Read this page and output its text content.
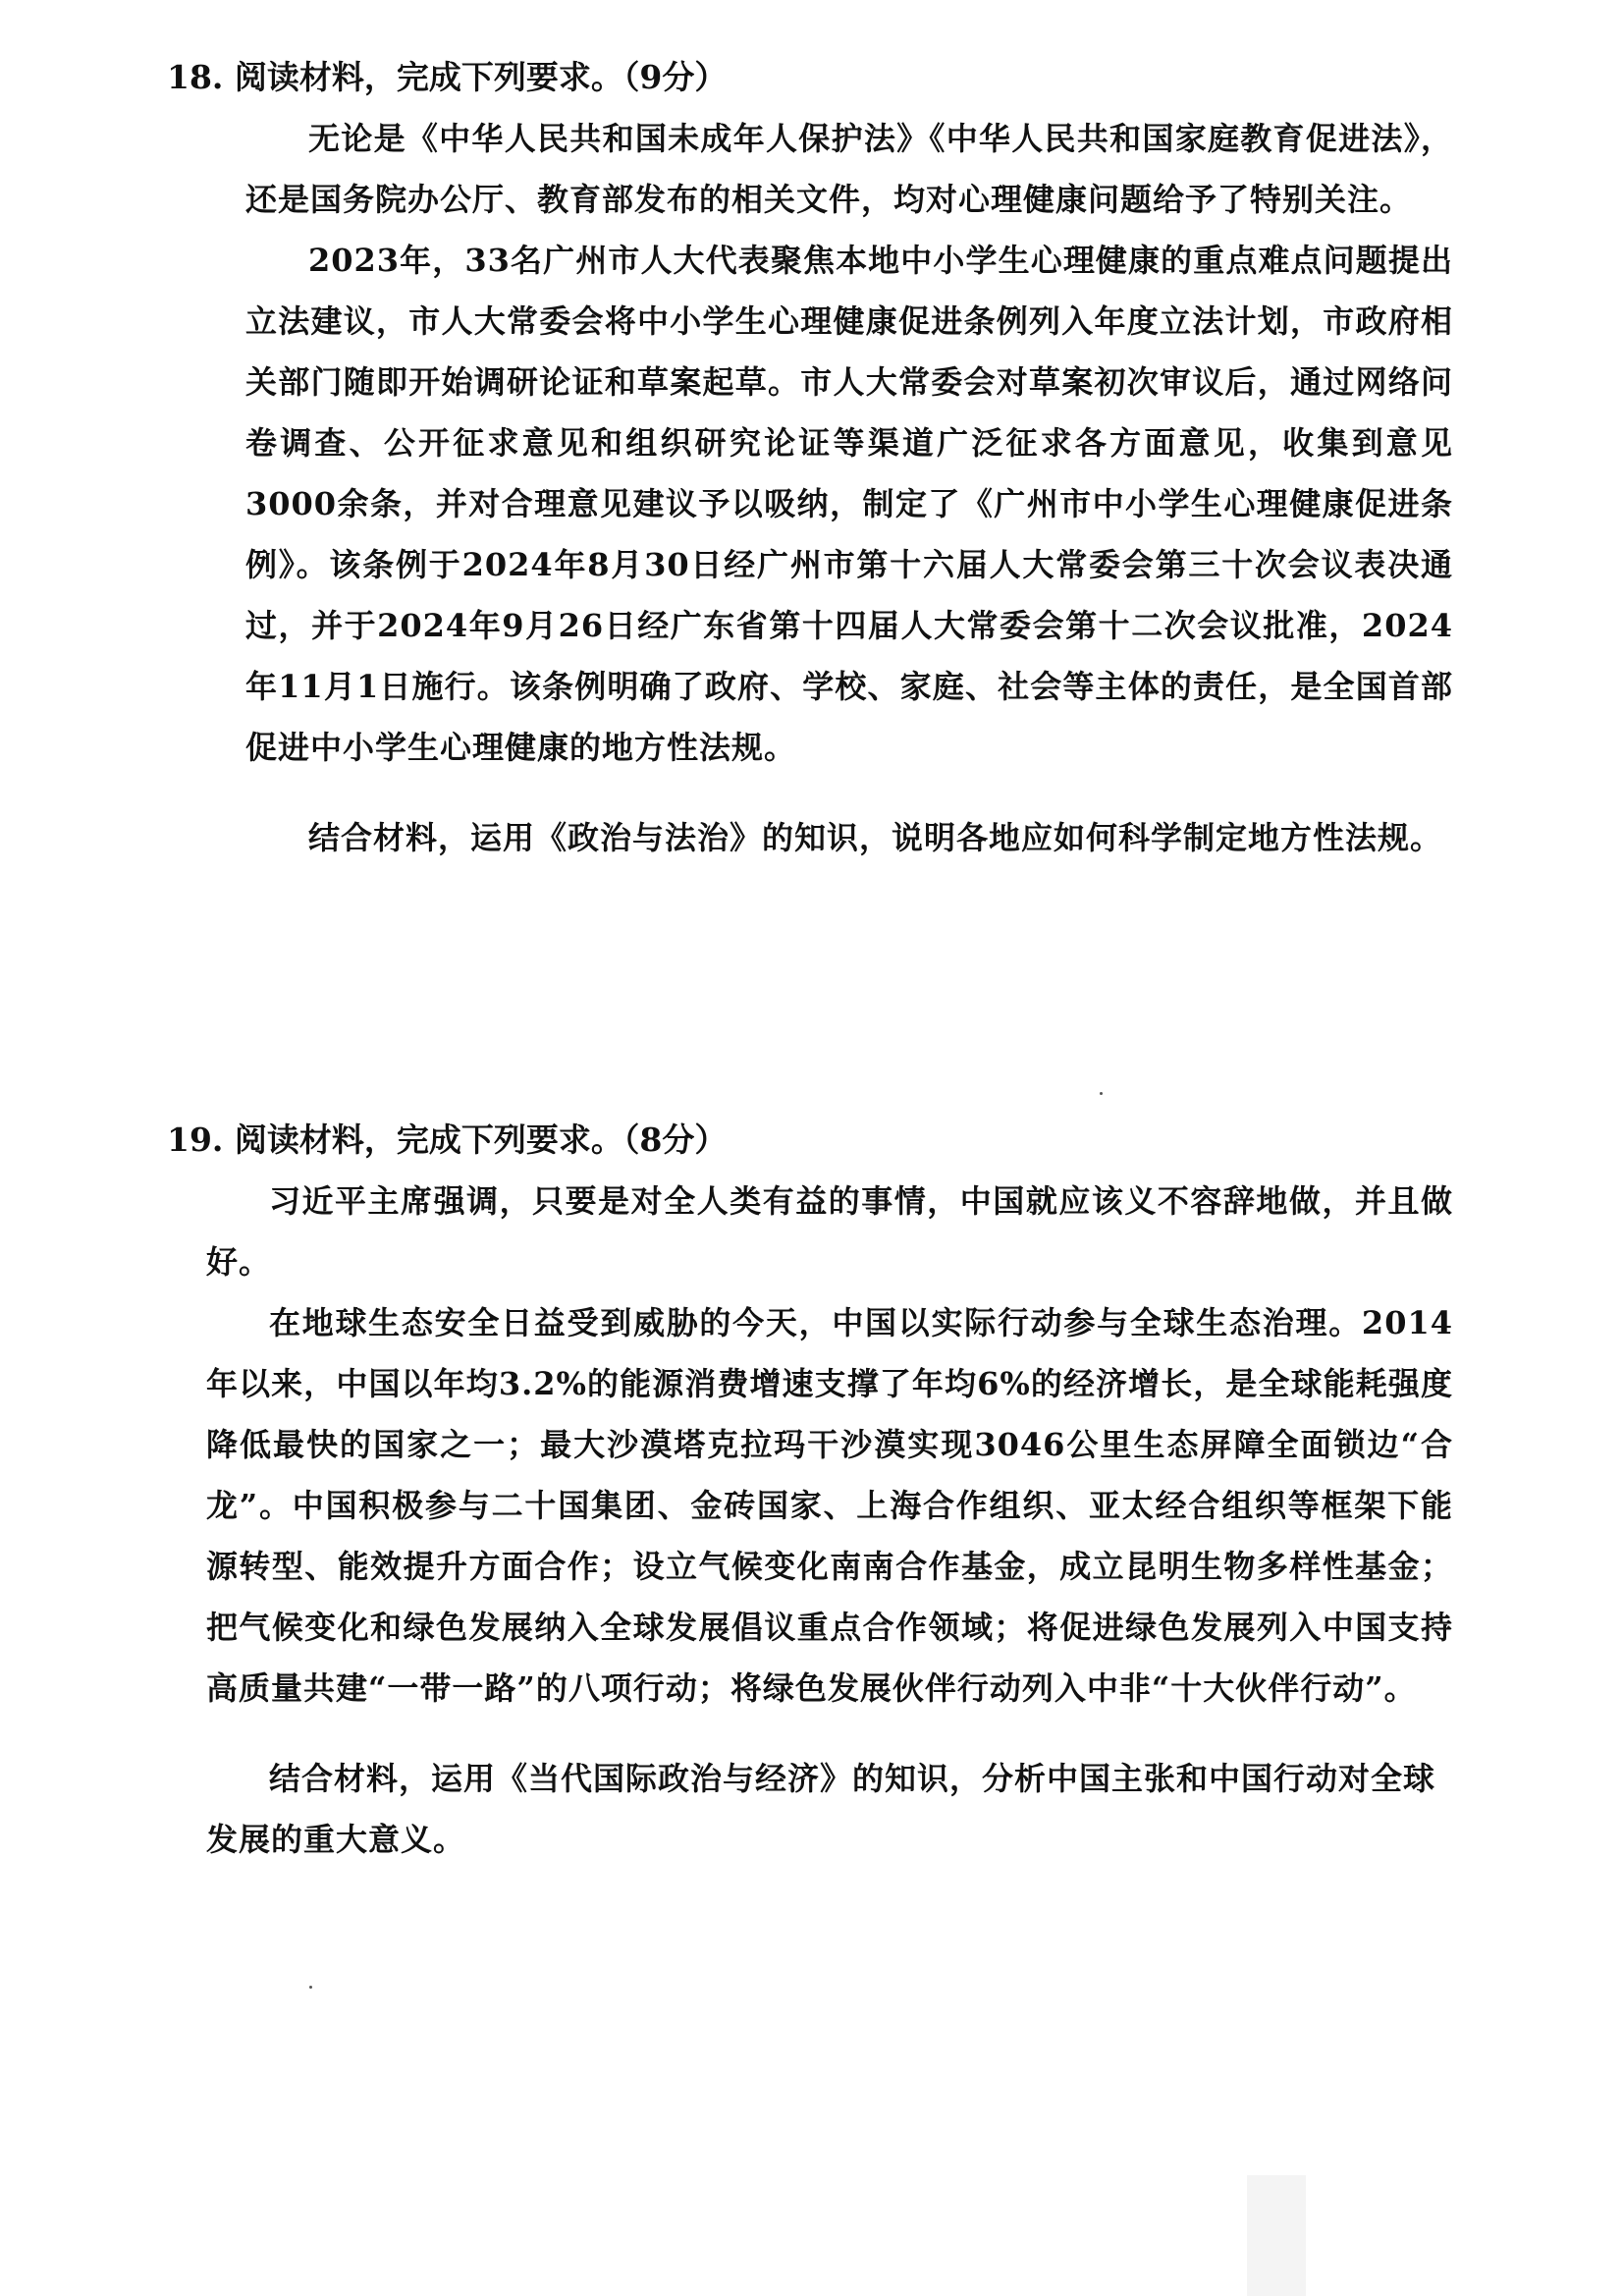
18. 阅读材料，完成下列要求。（9分）

无论是《中华人民共和国未成年人保护法》《中华人民共和国家庭教育促进法》，还是国务院办公厅、教育部发布的相关文件，均对心理健康问题给予了特别关注。

2023年，33名广州市人大代表聚焦本地中小学生心理健康的重点难点问题提出立法建议，市人大常委会将中小学生心理健康促进条例列入年度立法计划，市政府相关部门随即开始调研论证和草案起草。市人大常委会对草案初次审议后，通过网络问卷调查、公开征求意见和组织研究论证等渠道广泛征求各方面意见，收集到意见3000余条，并对合理意见建议予以吸纳，制定了《广州市中小学生心理健康促进条例》。该条例于2024年8月30日经广州市第十六届人大常委会第三十次会议表决通过，并于2024年9月26日经广东省第十四届人大常委会第十二次会议批准，2024年11月1日施行。该条例明确了政府、学校、家庭、社会等主体的责任，是全国首部促进中小学生心理健康的地方性法规。

结合材料，运用《政治与法治》的知识，说明各地应如何科学制定地方性法规。

19. 阅读材料，完成下列要求。（8分）

习近平主席强调，只要是对全人类有益的事情，中国就应该义不容辞地做，并且做好。

在地球生态安全日益受到威胁的今天，中国以实际行动参与全球生态治理。2014年以来，中国以年均3.2%的能源消费增速支撑了年均6%的经济增长，是全球能耗强度降低最快的国家之一；最大沙漠塔克拉玛干沙漠实现3046公里生态屏障全面锁边“合龙”。中国积极参与二十国集团、金砖国家、上海合作组织、亚太经合组织等框架下能源转型、能效提升方面合作；设立气候变化南南合作基金，成立昆明生物多样性基金；把气候变化和绿色发展纳入全球发展倡议重点合作领域；将促进绿色发展列入中国支持高质量共建“一带一路”的八项行动；将绿色发展伙伴行动列入中非“十大伙伴行动”。

结合材料，运用《当代国际政治与经济》的知识，分析中国主张和中国行动对全球发展的重大意义。
